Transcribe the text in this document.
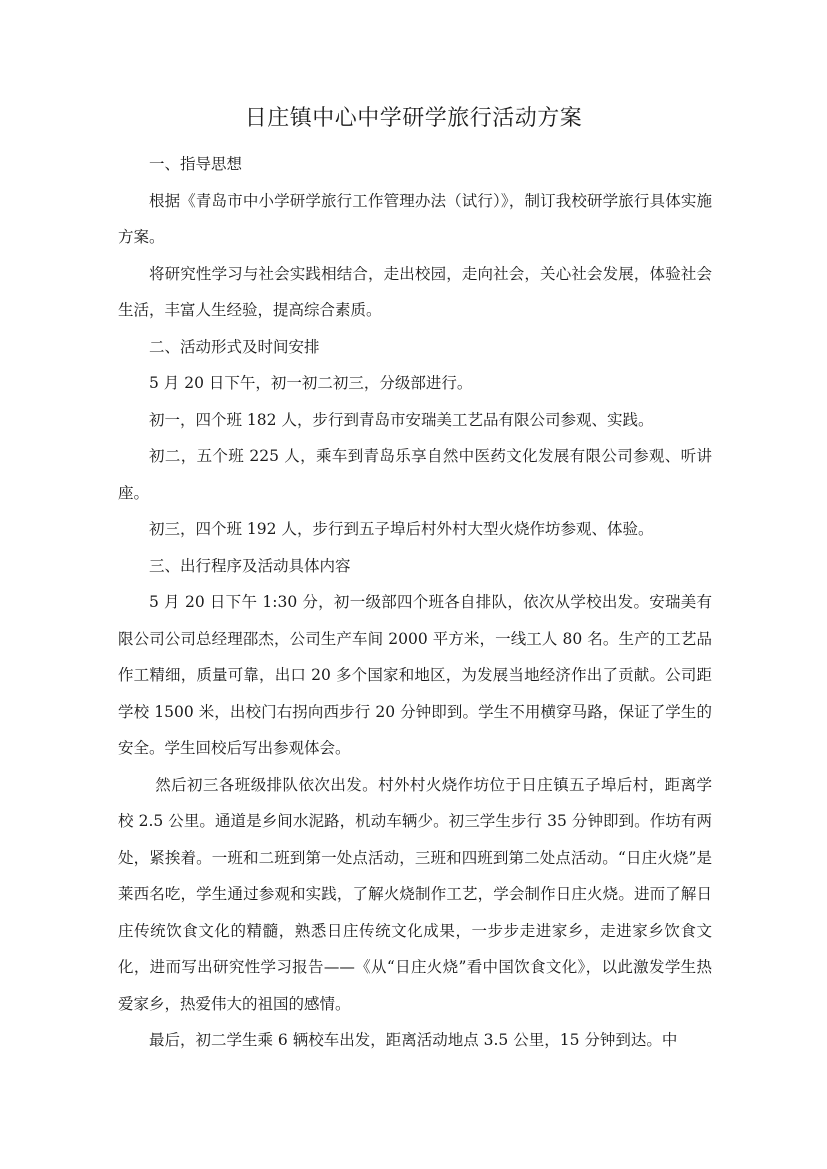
日庄镇中心中学研学旅行活动方案

一、指导思想

根据《青岛市中小学研学旅行工作管理办法（试行）》，制订我校研学旅行具体实施方案。

将研究性学习与社会实践相结合，走出校园，走向社会，关心社会发展，体验社会生活，丰富人生经验，提高综合素质。

二、活动形式及时间安排

5 月 20 日下午，初一初二初三，分级部进行。

初一，四个班 182 人，步行到青岛市安瑞美工艺品有限公司参观、实践。

初二，五个班 225 人，乘车到青岛乐享自然中医药文化发展有限公司参观、听讲座。

初三，四个班 192 人，步行到五子埠后村外村大型火烧作坊参观、体验。

三、出行程序及活动具体内容

5 月 20 日下午 1:30 分，初一级部四个班各自排队，依次从学校出发。安瑞美有限公司公司总经理邵杰，公司生产车间 2000 平方米，一线工人 80 名。生产的工艺品作工精细，质量可靠，出口 20 多个国家和地区，为发展当地经济作出了贡献。公司距学校 1500 米，出校门右拐向西步行 20 分钟即到。学生不用横穿马路，保证了学生的安全。学生回校后写出参观体会。

然后初三各班级排队依次出发。村外村火烧作坊位于日庄镇五子埠后村，距离学校 2.5 公里。通道是乡间水泥路，机动车辆少。初三学生步行 35 分钟即到。作坊有两处，紧挨着。一班和二班到第一处点活动，三班和四班到第二处点活动。“日庄火烧”是莱西名吃，学生通过参观和实践，了解火烧制作工艺，学会制作日庄火烧。进而了解日庄传统饮食文化的精髓，熟悉日庄传统文化成果，一步步走进家乡，走进家乡饮食文化，进而写出研究性学习报告——《从“日庄火烧”看中国饮食文化》，以此激发学生热爱家乡，热爱伟大的祖国的感情。

最后，初二学生乘 6 辆校车出发，距离活动地点 3.5 公里，15 分钟到达。中
